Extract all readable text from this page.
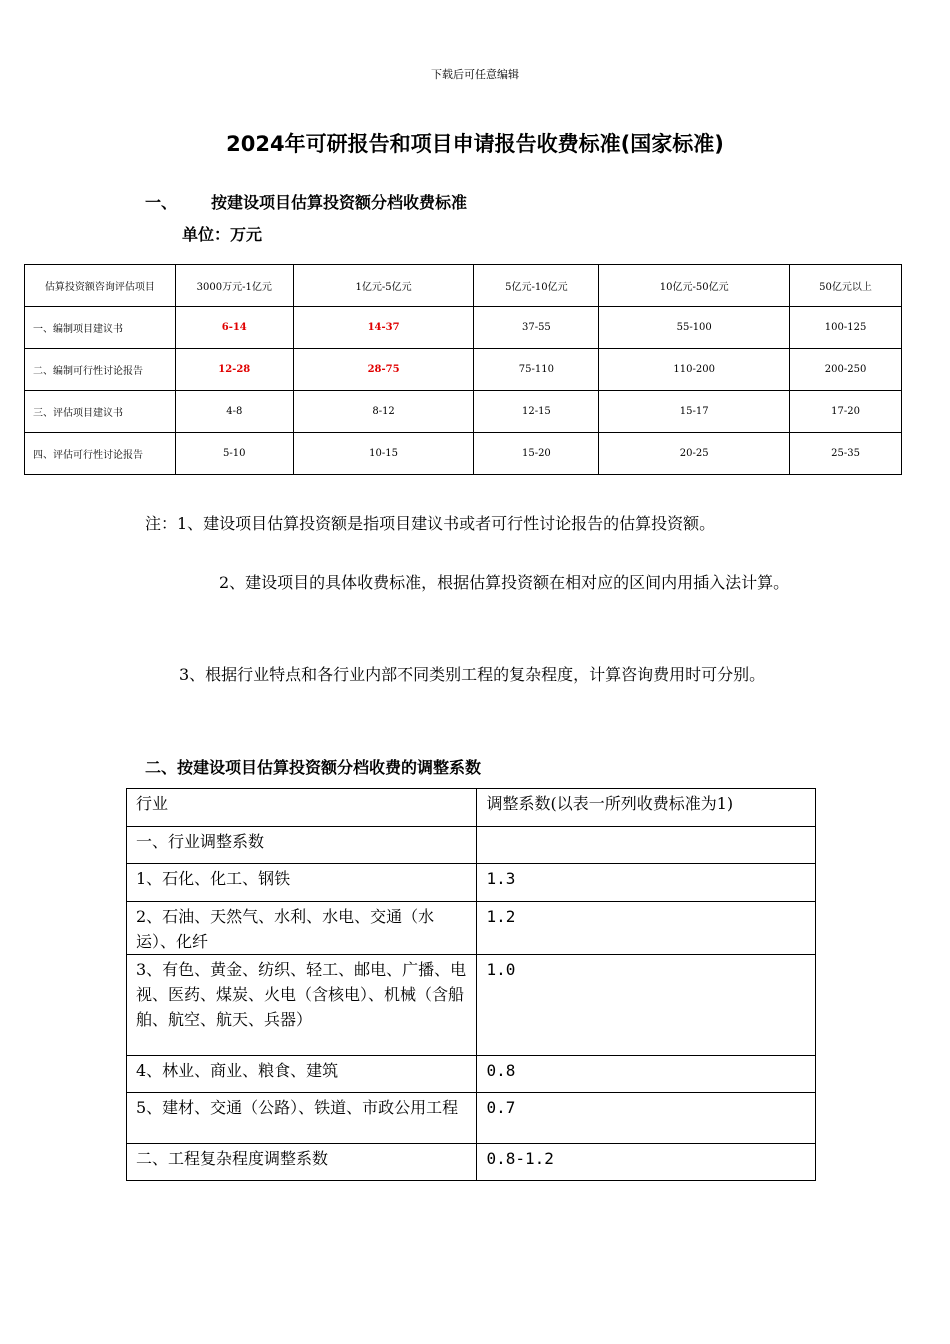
下载后可任意编辑
2024年可研报告和项目申请报告收费标准(国家标准)
一、 按建设项目估算投资额分档收费标准
单位：万元
估算投资额咨询评估项目	3000万元-1亿元	1亿元-5亿元	5亿元-10亿元	10亿元-50亿元	50亿元以上
一、编制项目建议书	6-14	14-37	37-55	55-100	100-125
二、编制可行性讨论报告	12-28	28-75	75-110	110-200	200-250
三、评估项目建议书	4-8	8-12	12-15	15-17	17-20
四、评估可行性讨论报告	5-10	10-15	15-20	20-25	25-35
注：1、建设项目估算投资额是指项目建议书或者可行性讨论报告的估算投资额。
2、建设项目的具体收费标准，根据估算投资额在相对应的区间内用插入法计算。
3、根据行业特点和各行业内部不同类别工程的复杂程度，计算咨询费用时可分别。
二、按建设项目估算投资额分档收费的调整系数
行业	调整系数(以表一所列收费标准为1)
一、行业调整系数	
1、石化、化工、钢铁	1.3
2、石油、天然气、水利、水电、交通（水运）、化纤	1.2
3、有色、黄金、纺织、轻工、邮电、广播、电视、医药、煤炭、火电（含核电）、机械（含船舶、航空、航天、兵器）	1.0
4、林业、商业、粮食、建筑	0.8
5、建材、交通（公路）、铁道、市政公用工程	0.7
二、工程复杂程度调整系数	0.8-1.2
